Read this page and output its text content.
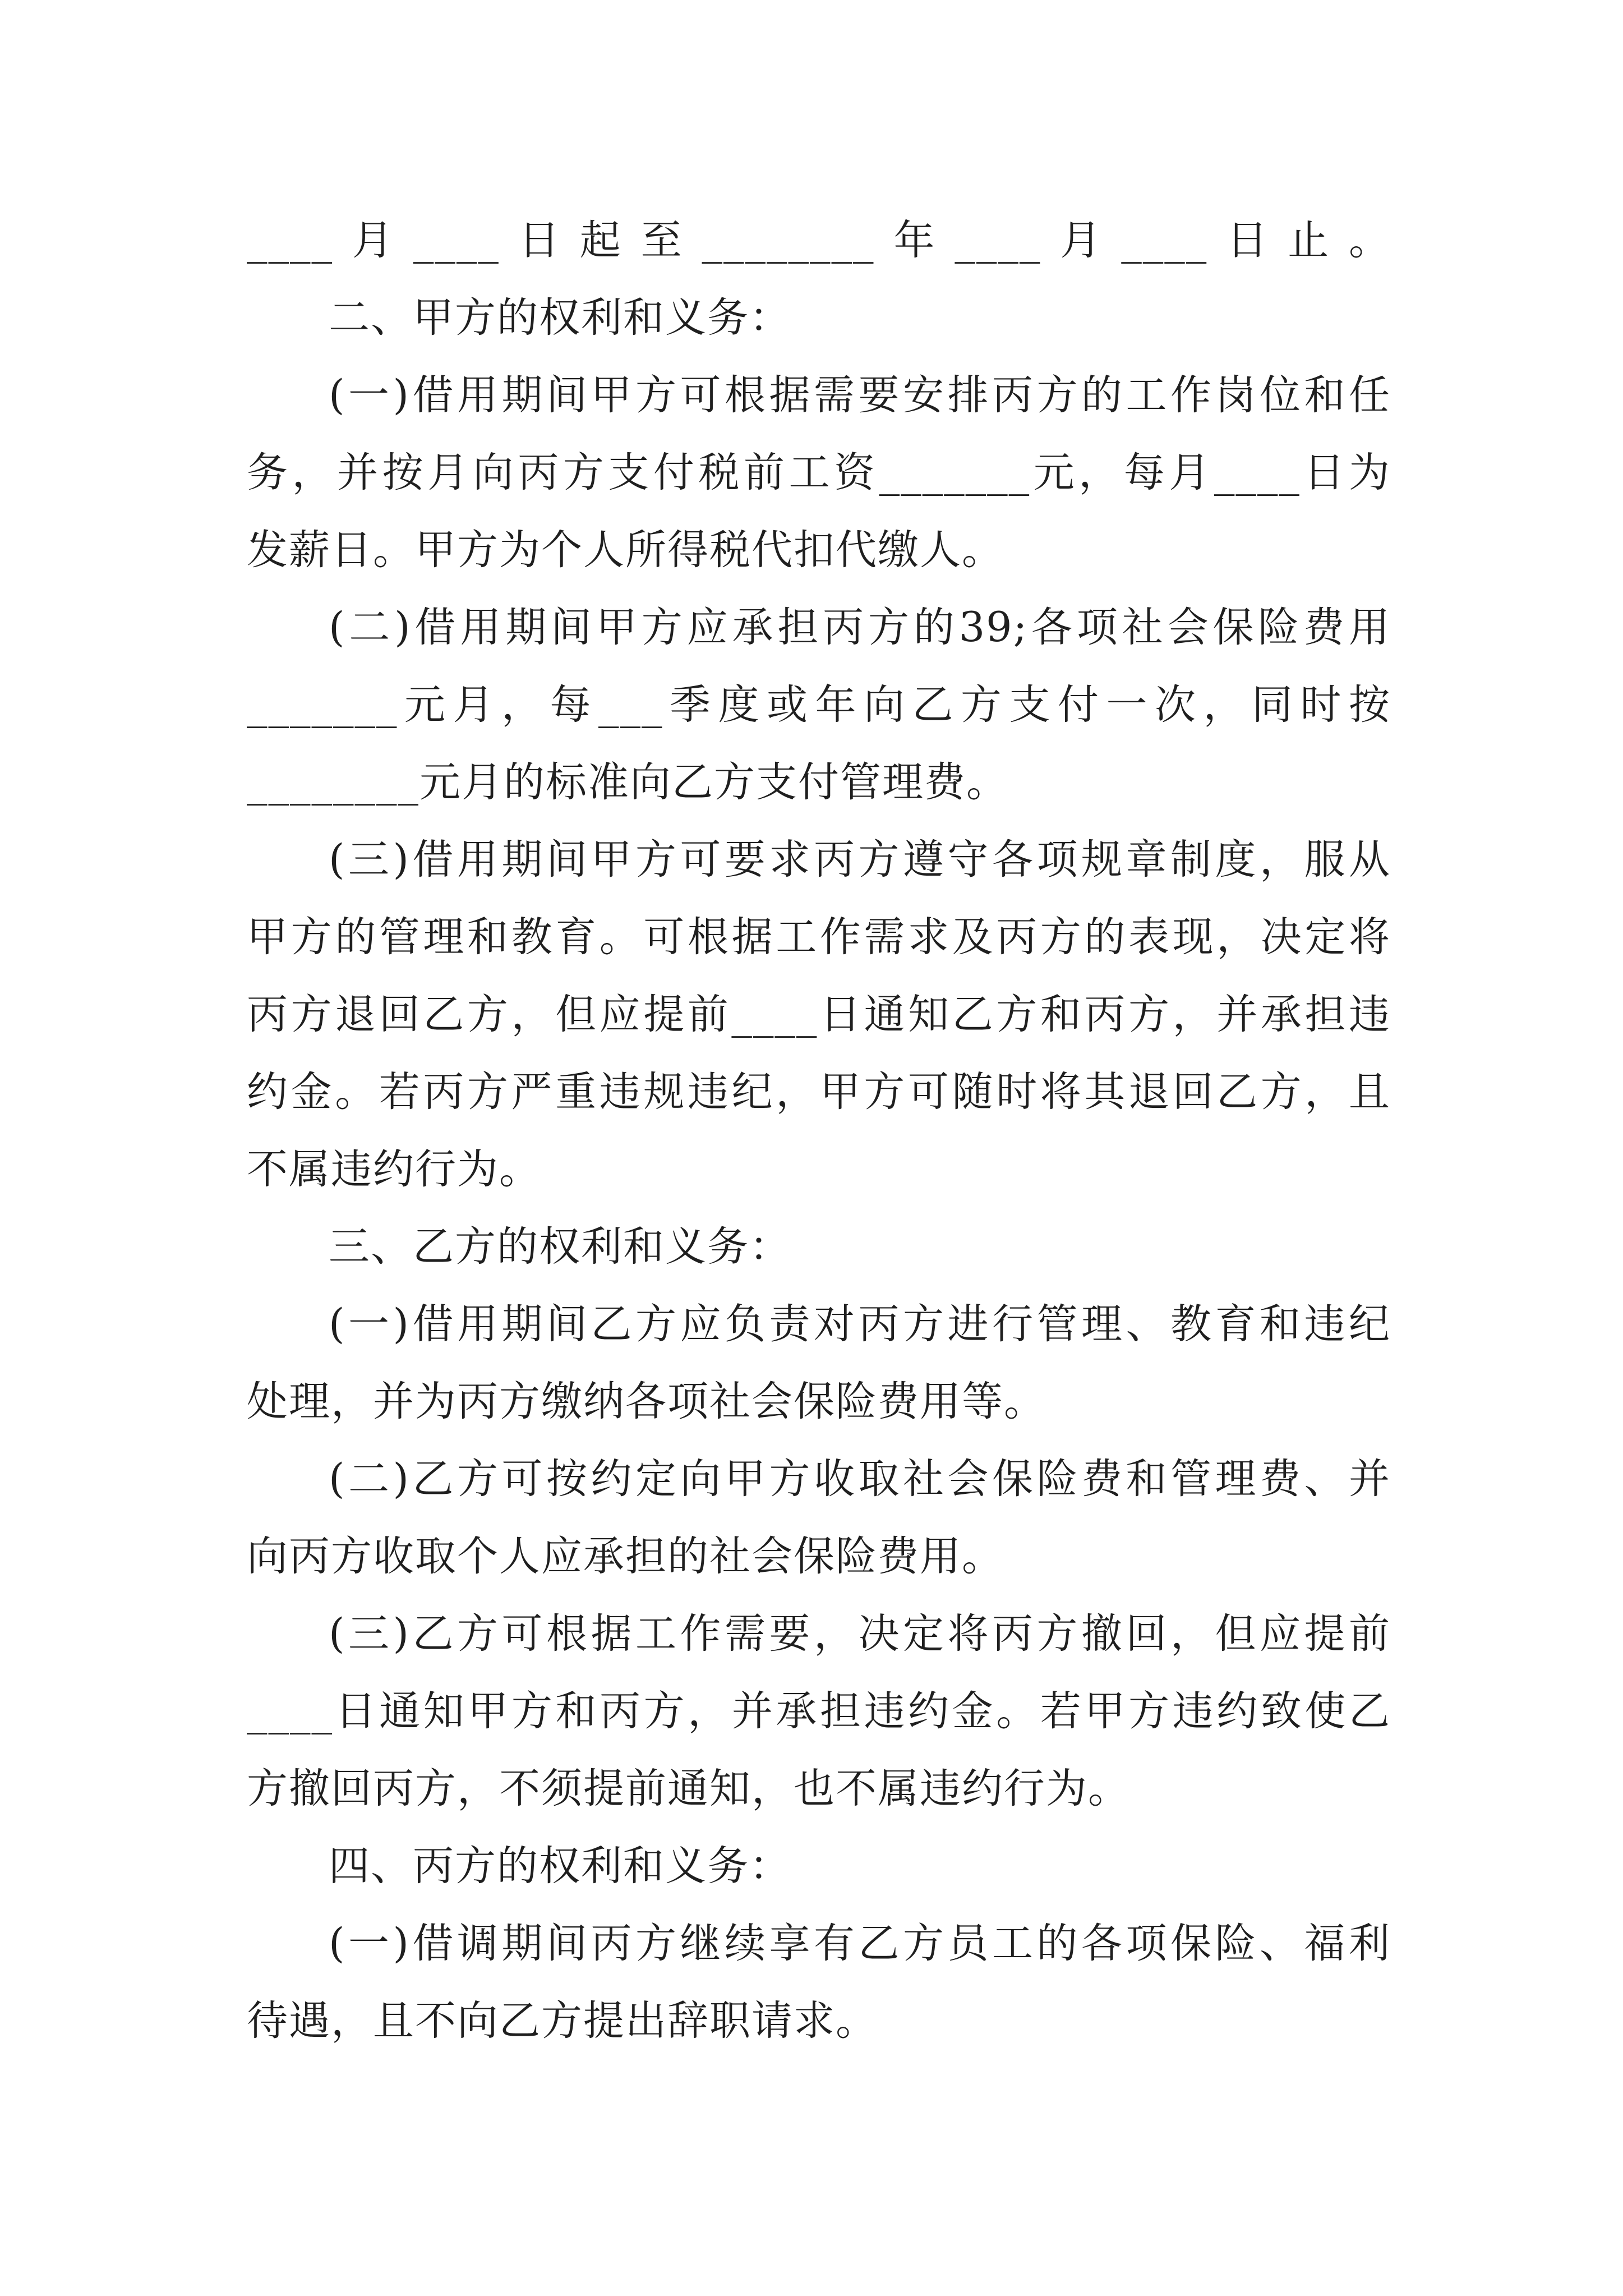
____月____日起至________年____月____日止。
二、甲方的权利和义务：
(一)借用期间甲方可根据需要安排丙方的工作岗位和任
务，并按月向丙方支付税前工资_______元，每月____日为
发薪日。甲方为个人所得税代扣代缴人。
(二)借用期间甲方应承担丙方的39;各项社会保险费用
_______元月，每___季度或年向乙方支付一次，同时按
________元月的标准向乙方支付管理费。
(三)借用期间甲方可要求丙方遵守各项规章制度，服从
甲方的管理和教育。可根据工作需求及丙方的表现，决定将
丙方退回乙方，但应提前____日通知乙方和丙方，并承担违
约金。若丙方严重违规违纪，甲方可随时将其退回乙方，且
不属违约行为。
三、乙方的权利和义务：
(一)借用期间乙方应负责对丙方进行管理、教育和违纪
处理，并为丙方缴纳各项社会保险费用等。
(二)乙方可按约定向甲方收取社会保险费和管理费、并
向丙方收取个人应承担的社会保险费用。
(三)乙方可根据工作需要，决定将丙方撤回，但应提前
____日通知甲方和丙方，并承担违约金。若甲方违约致使乙
方撤回丙方，不须提前通知，也不属违约行为。
四、丙方的权利和义务：
(一)借调期间丙方继续享有乙方员工的各项保险、福利
待遇，且不向乙方提出辞职请求。
